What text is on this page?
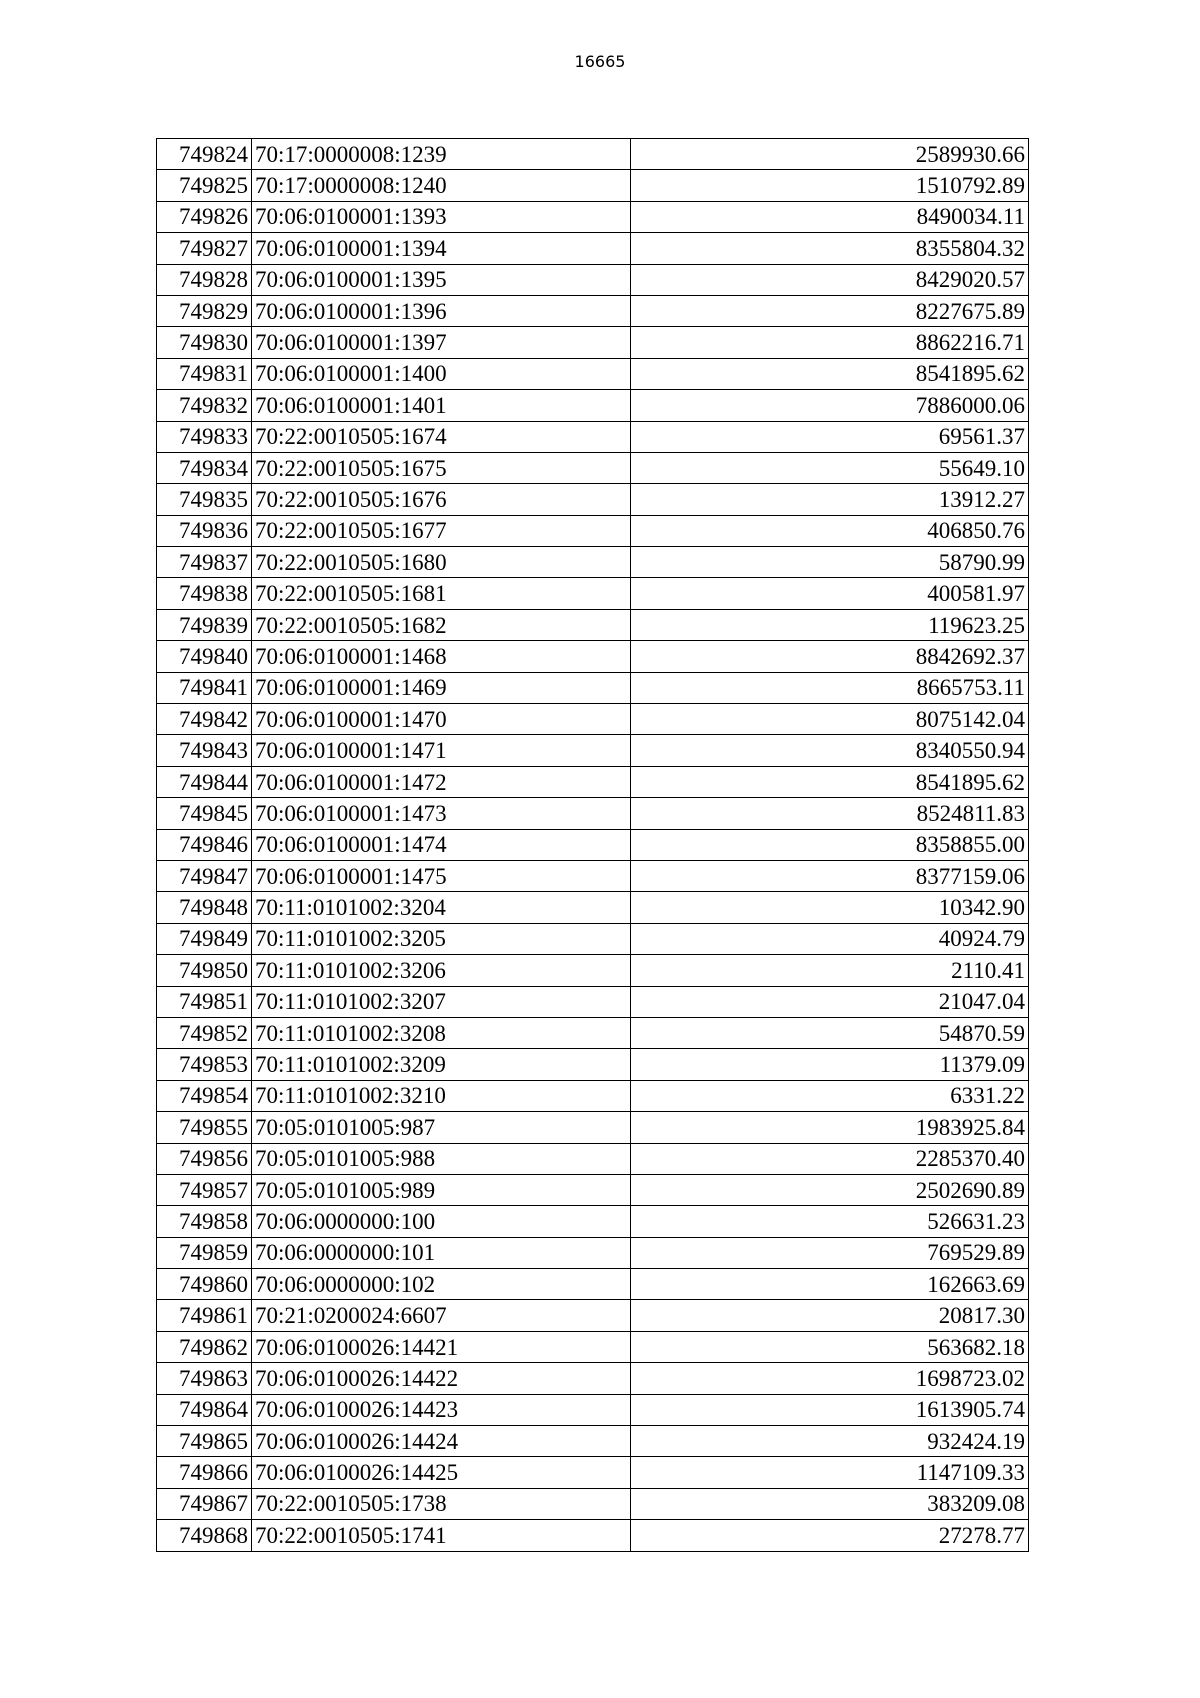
16665
749824	70:17:0000008:1239	2589930.66
749825	70:17:0000008:1240	1510792.89
749826	70:06:0100001:1393	8490034.11
749827	70:06:0100001:1394	8355804.32
749828	70:06:0100001:1395	8429020.57
749829	70:06:0100001:1396	8227675.89
749830	70:06:0100001:1397	8862216.71
749831	70:06:0100001:1400	8541895.62
749832	70:06:0100001:1401	7886000.06
749833	70:22:0010505:1674	69561.37
749834	70:22:0010505:1675	55649.10
749835	70:22:0010505:1676	13912.27
749836	70:22:0010505:1677	406850.76
749837	70:22:0010505:1680	58790.99
749838	70:22:0010505:1681	400581.97
749839	70:22:0010505:1682	119623.25
749840	70:06:0100001:1468	8842692.37
749841	70:06:0100001:1469	8665753.11
749842	70:06:0100001:1470	8075142.04
749843	70:06:0100001:1471	8340550.94
749844	70:06:0100001:1472	8541895.62
749845	70:06:0100001:1473	8524811.83
749846	70:06:0100001:1474	8358855.00
749847	70:06:0100001:1475	8377159.06
749848	70:11:0101002:3204	10342.90
749849	70:11:0101002:3205	40924.79
749850	70:11:0101002:3206	2110.41
749851	70:11:0101002:3207	21047.04
749852	70:11:0101002:3208	54870.59
749853	70:11:0101002:3209	11379.09
749854	70:11:0101002:3210	6331.22
749855	70:05:0101005:987	1983925.84
749856	70:05:0101005:988	2285370.40
749857	70:05:0101005:989	2502690.89
749858	70:06:0000000:100	526631.23
749859	70:06:0000000:101	769529.89
749860	70:06:0000000:102	162663.69
749861	70:21:0200024:6607	20817.30
749862	70:06:0100026:14421	563682.18
749863	70:06:0100026:14422	1698723.02
749864	70:06:0100026:14423	1613905.74
749865	70:06:0100026:14424	932424.19
749866	70:06:0100026:14425	1147109.33
749867	70:22:0010505:1738	383209.08
749868	70:22:0010505:1741	27278.77
